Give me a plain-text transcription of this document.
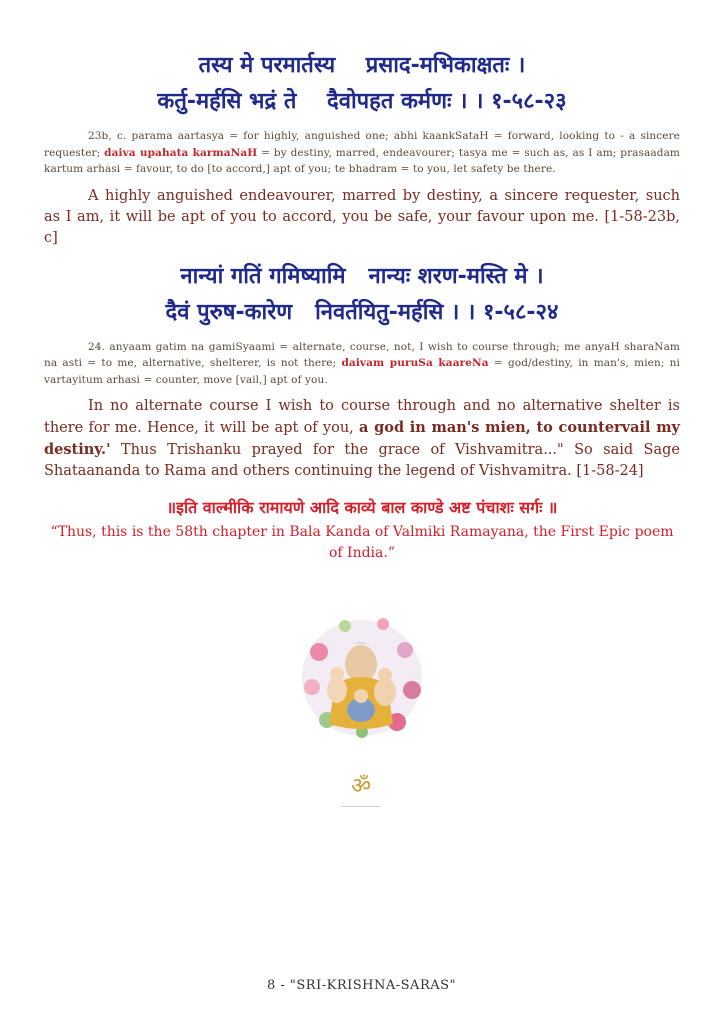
तस्य मे परमार्तस्य    प्रसाद-मभिकाक्षतः ।
कर्तु-मर्हसि भद्रं ते    दैवोपहत कर्मणः । । १-५८-२३

23b, c. parama aartasya = for highly, anguished one; abhi kaankSataH = forward, looking to - a sincere requester; daiva upahata karmaNaH = by destiny, marred, endeavourer; tasya me = such as, as I am; prasaadam kartum arhasi = favour, to do [to accord,] apt of you; te bhadram = to you, let safety be there.

A highly anguished endeavourer, marred by destiny, a sincere requester, such as I am, it will be apt of you to accord, you be safe, your favour upon me. [1-58-23b, c]

नान्यां गतिं गमिष्यामि   नान्यः शरण-मस्ति मे ।
दैवं पुरुष-कारेण   निवर्तयितु-मर्हसि । । १-५८-२४

24. anyaam gatim na gamiSyaami = alternate, course, not, I wish to course through; me anyaH sharaNam na asti = to me, alternative, shelterer, is not there; daivam puruSa kaareNa = god/destiny, in man's, mien; ni vartayitum arhasi = counter, move [vail,] apt of you.

In no alternate course I wish to course through and no alternative shelter is there for me. Hence, it will be apt of you, a god in man's mien, to countervail my destiny.' Thus Trishanku prayed for the grace of Vishvamitra..." So said Sage Shataananda to Rama and others continuing the legend of Vishvamitra. [1-58-24]

॥इति वाल्मीकि रामायणे आदि काव्ये बाल काण्डे अष्ट पंचाशः सर्गः ॥
“Thus, this is the 58th chapter in Bala Kanda of Valmiki Ramayana, the First Epic poem of India.”
ॐ
8 - "SRI-KRISHNA-SARAS"
